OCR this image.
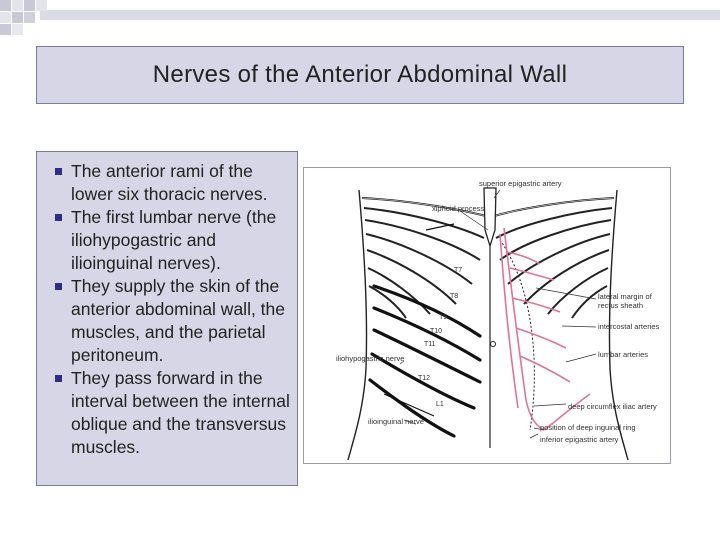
Nerves of the Anterior Abdominal Wall
The anterior rami of the lower six thoracic nerves.
The first lumbar nerve (the iliohypogastric and ilioinguinal nerves).
They supply the skin of the anterior abdominal wall, the muscles, and the parietal peritoneum.
They pass forward in the interval between the internal oblique and the transversus muscles.
superior epigastric artery
xiphoid process
lateral margin of
rectus sheath
intercostal arteries
lumbar arteries
iliohypogastric nerve
deep circumflex iliac artery
ilioinguinal nerve
position of deep inguinal ring
inferior epigastric artery
T7
T8
T9
T10
T11
T12
L1
